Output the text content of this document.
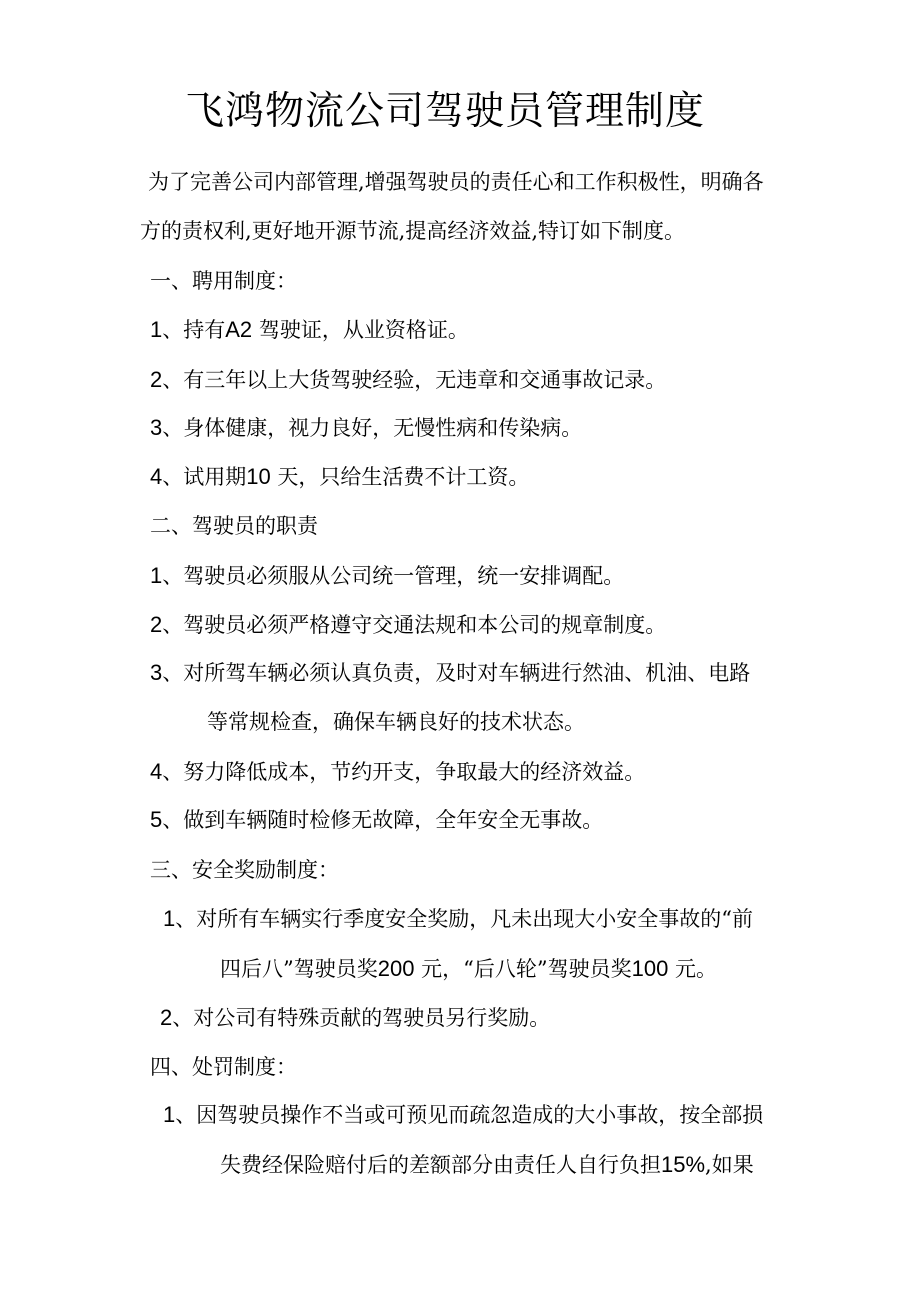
飞鸿物流公司驾驶员管理制度
为了完善公司内部管理,增强驾驶员的责任心和工作积极性，明确各
方的责权利,更好地开源节流,提高经济效益,特订如下制度。
一、聘用制度：
1、持有A2 驾驶证，从业资格证。
2、有三年以上大货驾驶经验，无违章和交通事故记录。
3、身体健康，视力良好，无慢性病和传染病。
4、试用期10 天，只给生活费不计工资。
二、驾驶员的职责
1、驾驶员必须服从公司统一管理，统一安排调配。
2、驾驶员必须严格遵守交通法规和本公司的规章制度。
3、对所驾车辆必须认真负责，及时对车辆进行然油、机油、电路
等常规检查，确保车辆良好的技术状态。
4、努力降低成本，节约开支，争取最大的经济效益。
5、做到车辆随时检修无故障，全年安全无事故。
三、安全奖励制度：
1、对所有车辆实行季度安全奖励，凡未出现大小安全事故的“前
四后八”驾驶员奖200 元，“后八轮”驾驶员奖100 元。
2、对公司有特殊贡献的驾驶员另行奖励。
四、处罚制度：
1、因驾驶员操作不当或可预见而疏忽造成的大小事故，按全部损
失费经保险赔付后的差额部分由责任人自行负担15%,如果
